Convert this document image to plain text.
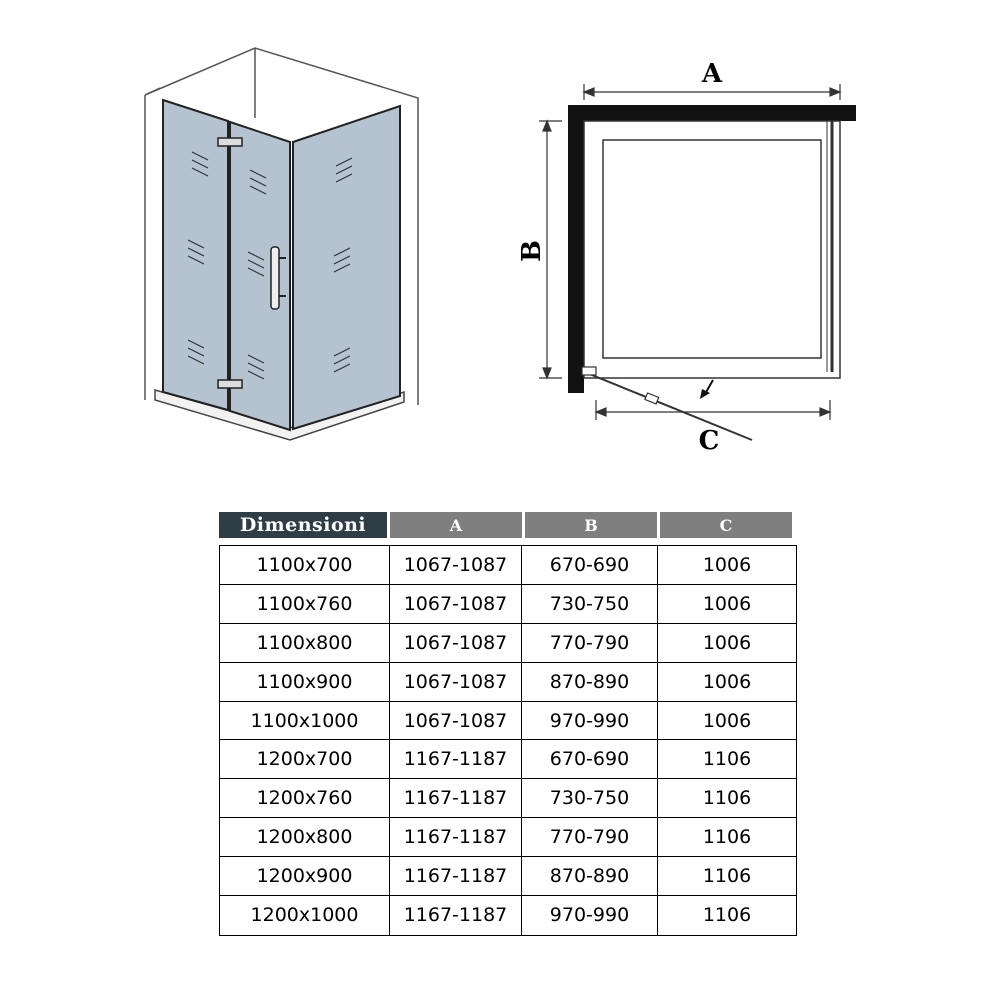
A
B
C
Dimensioni	A	B	C
1100x700	1067-1087	670-690	1006
1100x760	1067-1087	730-750	1006
1100x800	1067-1087	770-790	1006
1100x900	1067-1087	870-890	1006
1100x1000	1067-1087	970-990	1006
1200x700	1167-1187	670-690	1106
1200x760	1167-1187	730-750	1106
1200x800	1167-1187	770-790	1106
1200x900	1167-1187	870-890	1106
1200x1000	1167-1187	970-990	1106
